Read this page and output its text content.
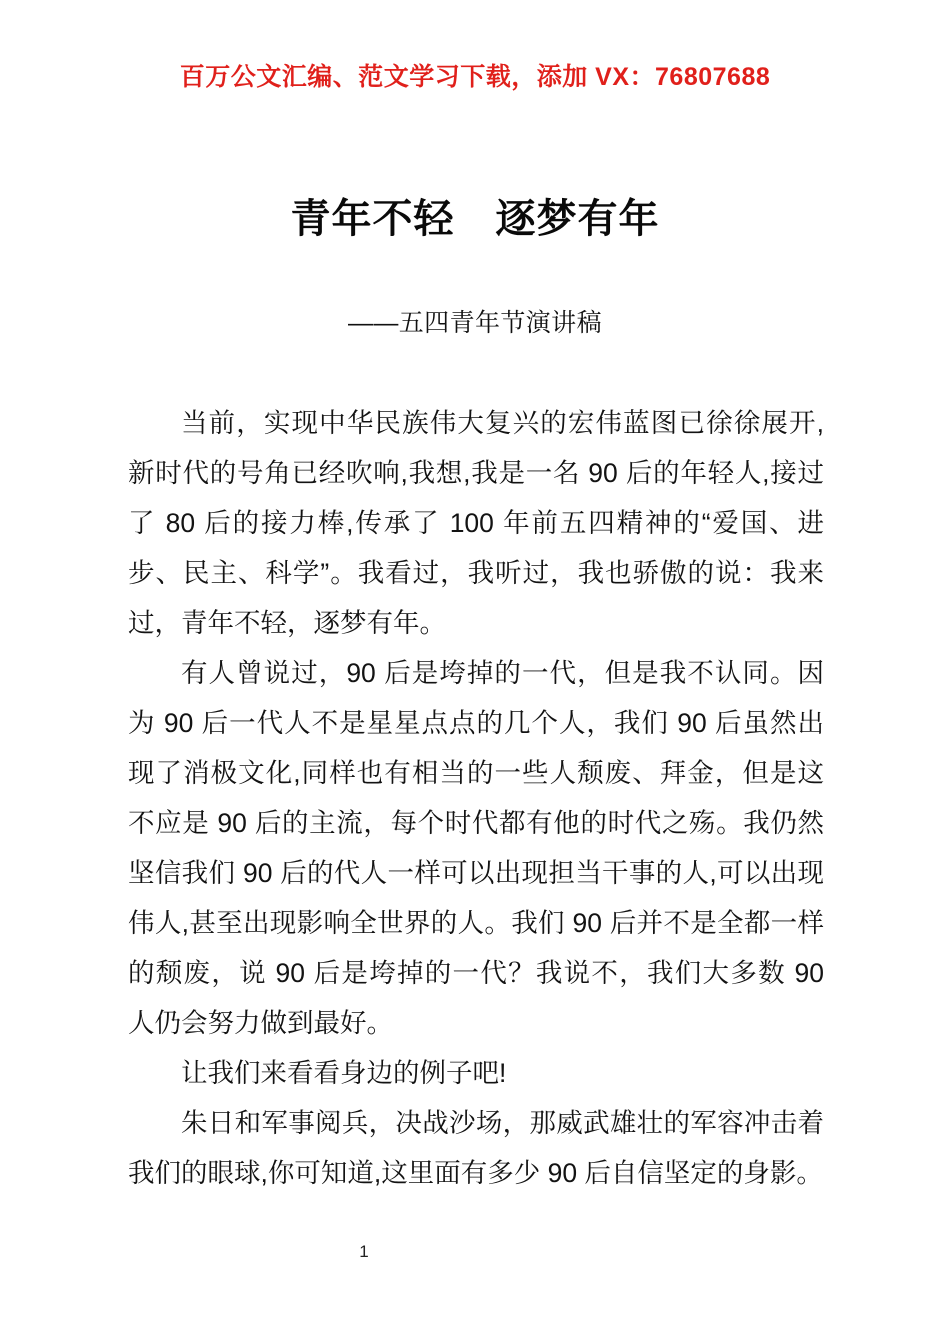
百万公文汇编、范文学习下载，添加 VX：76807688
青年不轻　逐梦有年
——五四青年节演讲稿

当前，实现中华民族伟大复兴的宏伟蓝图已徐徐展开,新时代的号角已经吹响,我想,我是一名 90 后的年轻人,接过了 80 后的接力棒,传承了 100 年前五四精神的“爱国、进步、民主、科学”。我看过，我听过，我也骄傲的说：我来过，青年不轻，逐梦有年。

有人曾说过，90 后是垮掉的一代，但是我不认同。因为 90 后一代人不是星星点点的几个人，我们 90 后虽然出现了消极文化,同样也有相当的一些人颓废、拜金，但是这不应是 90 后的主流，每个时代都有他的时代之殇。我仍然坚信我们 90 后的代人一样可以出现担当干事的人,可以出现伟人,甚至出现影响全世界的人。我们 90 后并不是全都一样的颓废，说 90 后是垮掉的一代？我说不，我们大多数 90 人仍会努力做到最好。

让我们来看看身边的例子吧!

朱日和军事阅兵，决战沙场，那威武雄壮的军容冲击着我们的眼球,你可知道,这里面有多少 90 后自信坚定的身影。

1
